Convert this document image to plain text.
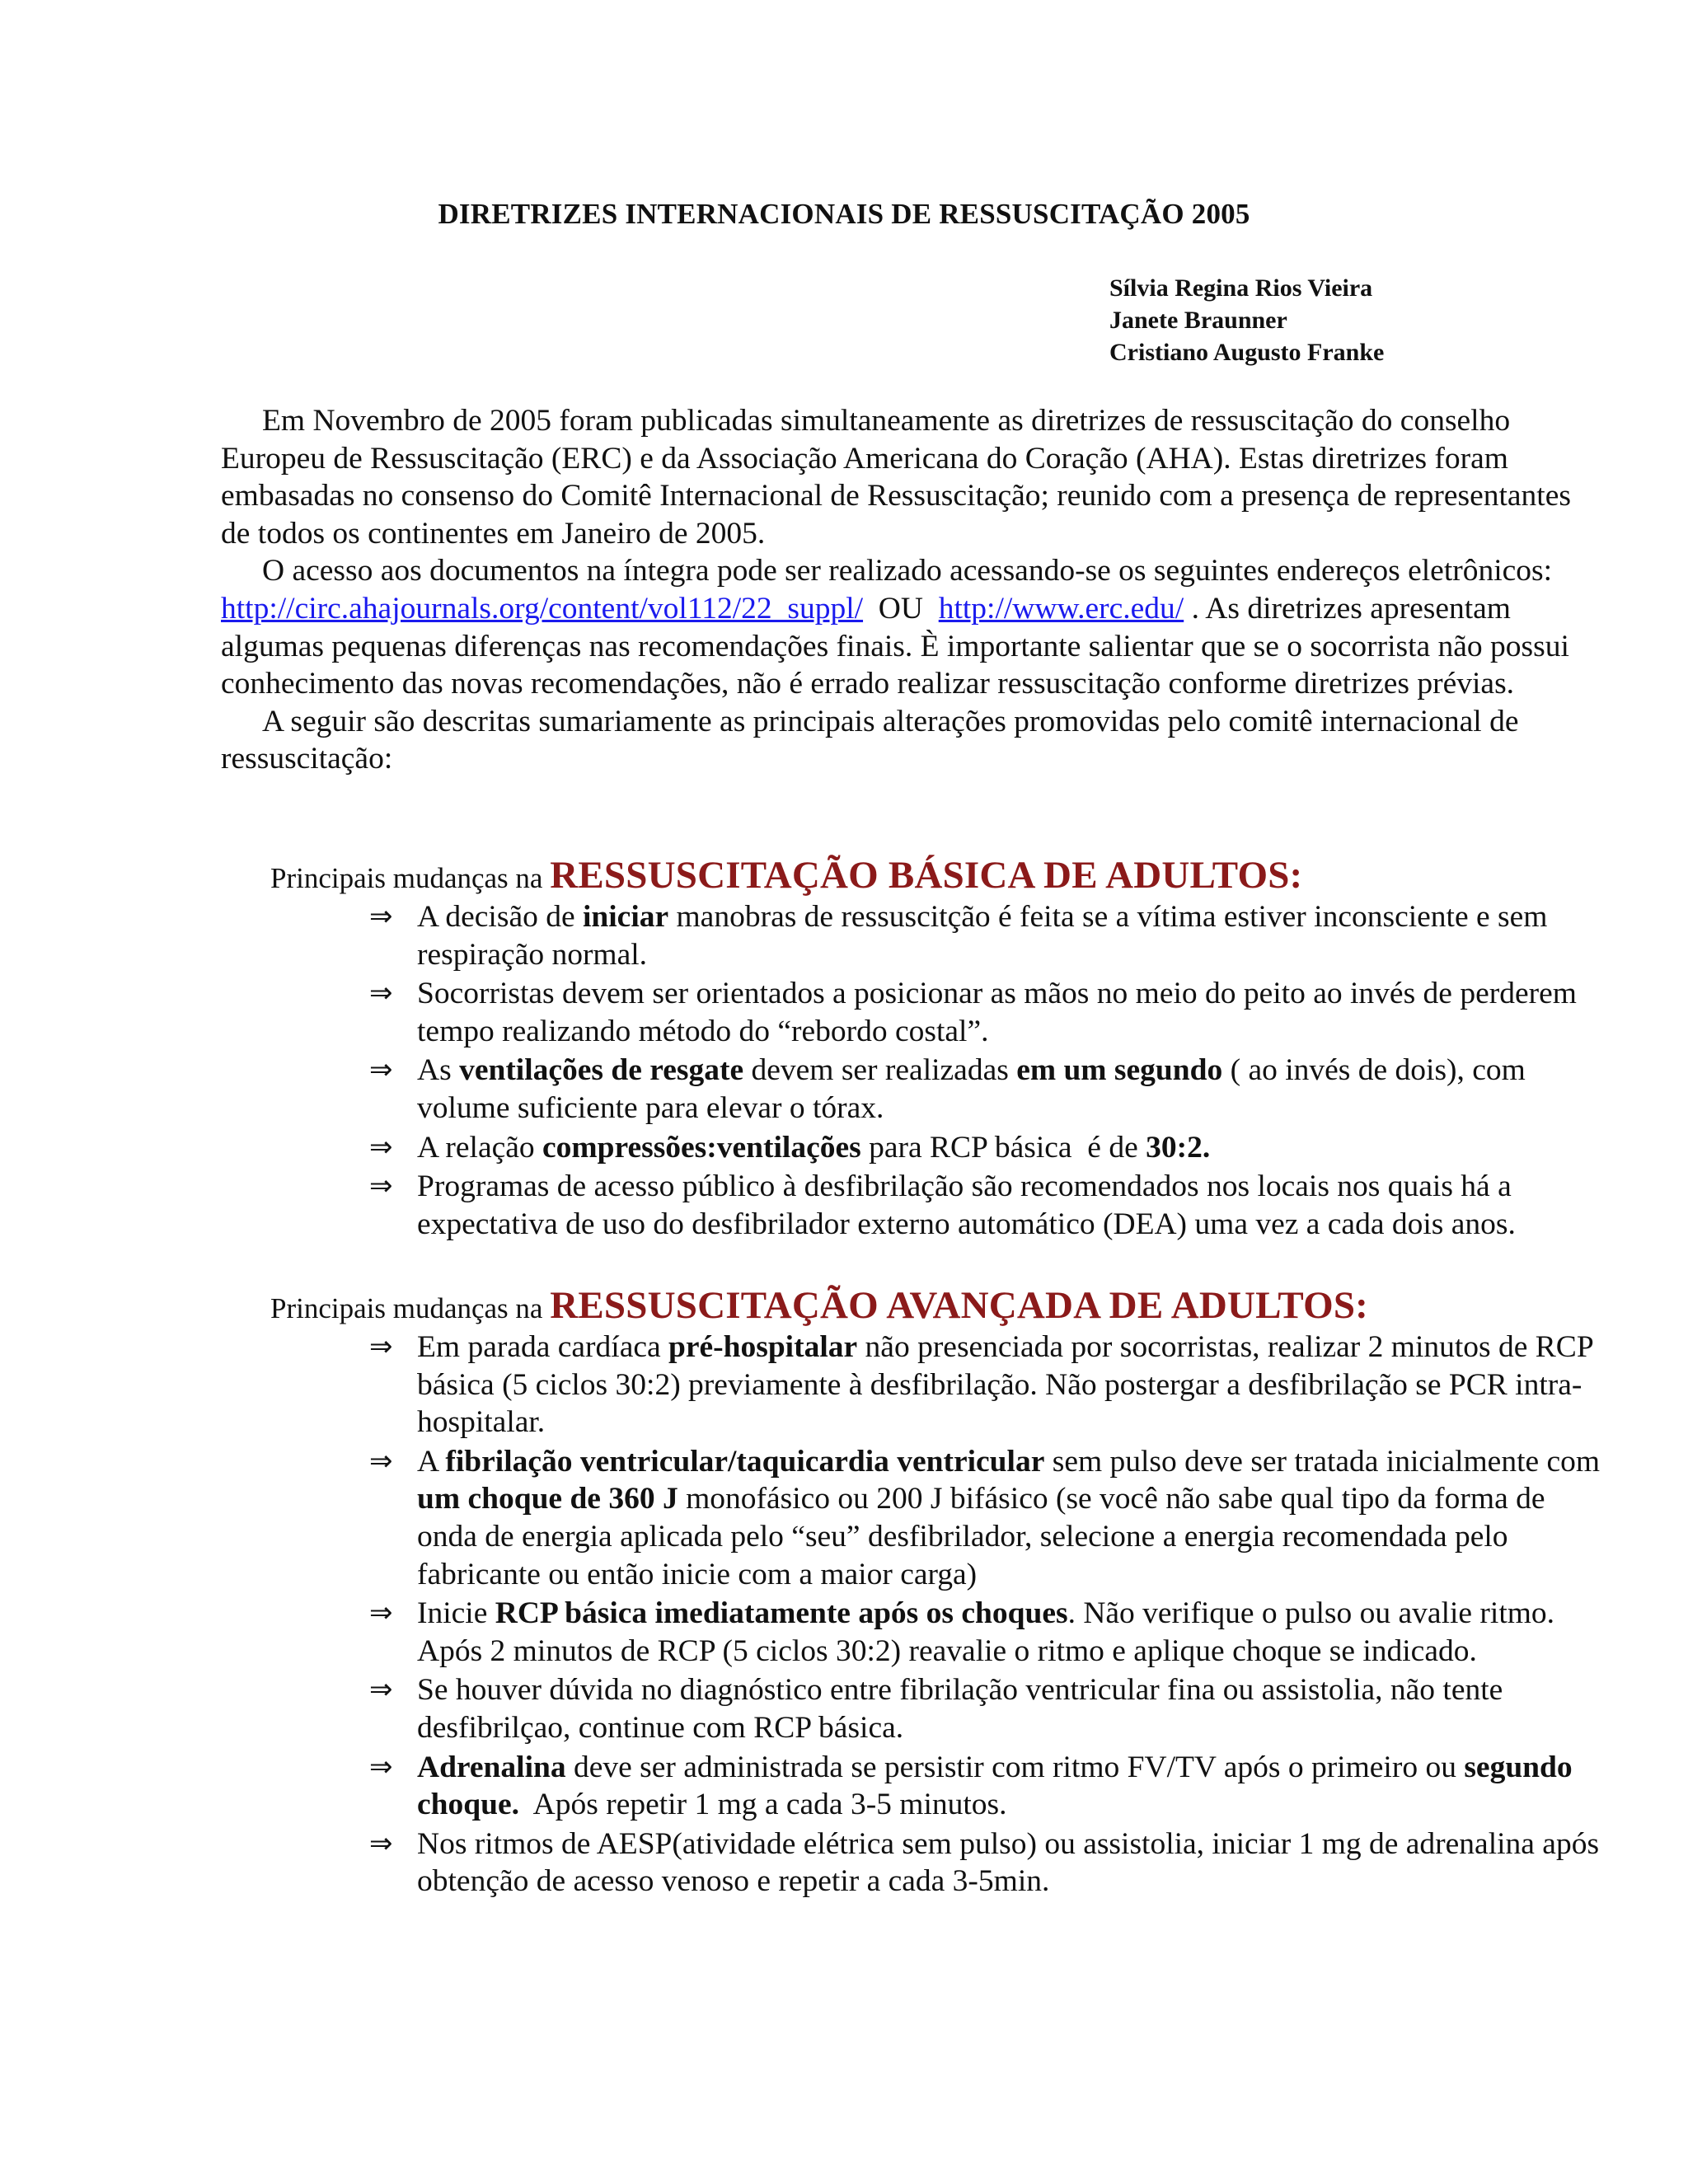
DIRETRIZES INTERNACIONAIS DE RESSUSCITAÇÃO 2005
Sílvia Regina Rios Vieira
Janete Braunner
Cristiano Augusto Franke

Em Novembro de 2005 foram publicadas simultaneamente as diretrizes de ressuscitação do conselho Europeu de Ressuscitação (ERC) e da Associação Americana do Coração (AHA). Estas diretrizes foram embasadas no consenso do Comitê Internacional de Ressuscitação; reunido com a presença de representantes de todos os continentes em Janeiro de 2005.

O acesso aos documentos na íntegra pode ser realizado acessando-se os seguintes endereços eletrônicos: http://circ.ahajournals.org/content/vol112/22_suppl/  OU  http://www.erc.edu/ . As diretrizes apresentam algumas pequenas diferenças nas recomendações finais. È importante salientar que se o socorrista não possui conhecimento das novas recomendações, não é errado realizar ressuscitação conforme diretrizes prévias.

A seguir são descritas sumariamente as principais alterações promovidas pelo comitê internacional de ressuscitação:

Principais mudanças na RESSUSCITAÇÃO BÁSICA DE ADULTOS:
⇒ A decisão de iniciar manobras de ressuscitção é feita se a vítima estiver inconsciente e sem respiração normal.
⇒ Socorristas devem ser orientados a posicionar as mãos no meio do peito ao invés de perderem tempo realizando método do “rebordo costal”.
⇒ As ventilações de resgate devem ser realizadas em um segundo ( ao invés de dois), com volume suficiente para elevar o tórax.
⇒ A relação compressões:ventilações para RCP básica  é de 30:2.
⇒ Programas de acesso público à desfibrilação são recomendados nos locais nos quais há a expectativa de uso do desfibrilador externo automático (DEA) uma vez a cada dois anos.
Principais mudanças na RESSUSCITAÇÃO AVANÇADA DE ADULTOS:
⇒ Em parada cardíaca pré-hospitalar não presenciada por socorristas, realizar 2 minutos de RCP básica (5 ciclos 30:2) previamente à desfibrilação. Não postergar a desfibrilação se PCR intra-hospitalar.
⇒ A fibrilação ventricular/taquicardia ventricular sem pulso deve ser tratada inicialmente com um choque de 360 J monofásico ou 200 J bifásico (se você não sabe qual tipo da forma de onda de energia aplicada pelo “seu” desfibrilador, selecione a energia recomendada pelo fabricante ou então inicie com a maior carga)
⇒ Inicie RCP básica imediatamente após os choques. Não verifique o pulso ou avalie ritmo.  Após 2 minutos de RCP (5 ciclos 30:2) reavalie o ritmo e aplique choque se indicado.
⇒ Se houver dúvida no diagnóstico entre fibrilação ventricular fina ou assistolia, não tente desfibrilçao, continue com RCP básica.
⇒ Adrenalina deve ser administrada se persistir com ritmo FV/TV após o primeiro ou segundo choque.  Após repetir 1 mg a cada 3-5 minutos.
⇒ Nos ritmos de AESP(atividade elétrica sem pulso) ou assistolia, iniciar 1 mg de adrenalina após obtenção de acesso venoso e repetir a cada 3-5min.
